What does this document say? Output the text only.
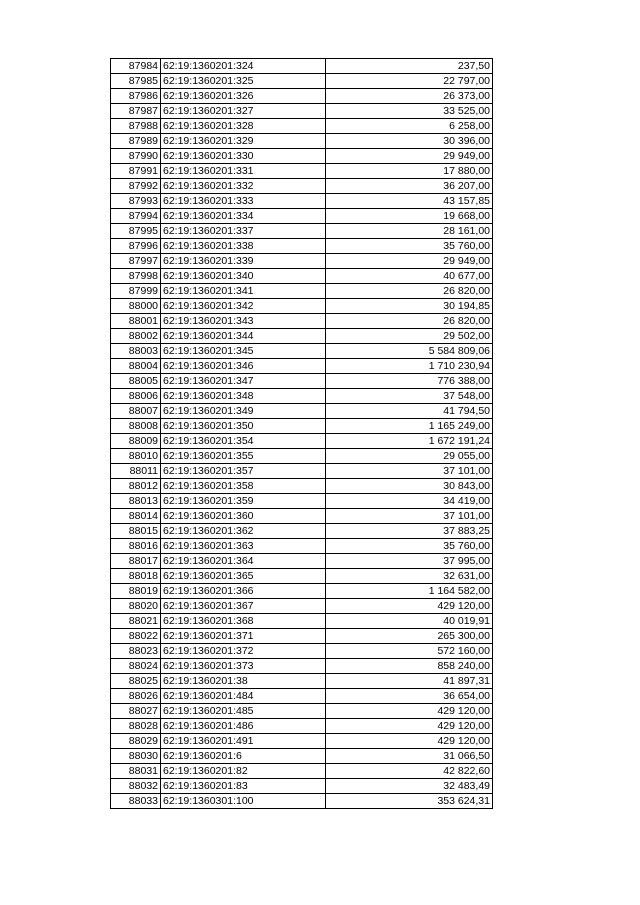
87984	62:19:1360201:324	237,50
87985	62:19:1360201:325	22 797,00
87986	62:19:1360201:326	26 373,00
87987	62:19:1360201:327	33 525,00
87988	62:19:1360201:328	6 258,00
87989	62:19:1360201:329	30 396,00
87990	62:19:1360201:330	29 949,00
87991	62:19:1360201:331	17 880,00
87992	62:19:1360201:332	36 207,00
87993	62:19:1360201:333	43 157,85
87994	62:19:1360201:334	19 668,00
87995	62:19:1360201:337	28 161,00
87996	62:19:1360201:338	35 760,00
87997	62:19:1360201:339	29 949,00
87998	62:19:1360201:340	40 677,00
87999	62:19:1360201:341	26 820,00
88000	62:19:1360201:342	30 194,85
88001	62:19:1360201:343	26 820,00
88002	62:19:1360201:344	29 502,00
88003	62:19:1360201:345	5 584 809,06
88004	62:19:1360201:346	1 710 230,94
88005	62:19:1360201:347	776 388,00
88006	62:19:1360201:348	37 548,00
88007	62:19:1360201:349	41 794,50
88008	62:19:1360201:350	1 165 249,00
88009	62:19:1360201:354	1 672 191,24
88010	62:19:1360201:355	29 055,00
88011	62:19:1360201:357	37 101,00
88012	62:19:1360201:358	30 843,00
88013	62:19:1360201:359	34 419,00
88014	62:19:1360201:360	37 101,00
88015	62:19:1360201:362	37 883,25
88016	62:19:1360201:363	35 760,00
88017	62:19:1360201:364	37 995,00
88018	62:19:1360201:365	32 631,00
88019	62:19:1360201:366	1 164 582,00
88020	62:19:1360201:367	429 120,00
88021	62:19:1360201:368	40 019,91
88022	62:19:1360201:371	265 300,00
88023	62:19:1360201:372	572 160,00
88024	62:19:1360201:373	858 240,00
88025	62:19:1360201:38	41 897,31
88026	62:19:1360201:484	36 654,00
88027	62:19:1360201:485	429 120,00
88028	62:19:1360201:486	429 120,00
88029	62:19:1360201:491	429 120,00
88030	62:19:1360201:6	31 066,50
88031	62:19:1360201:82	42 822,60
88032	62:19:1360201:83	32 483,49
88033	62:19:1360301:100	353 624,31
